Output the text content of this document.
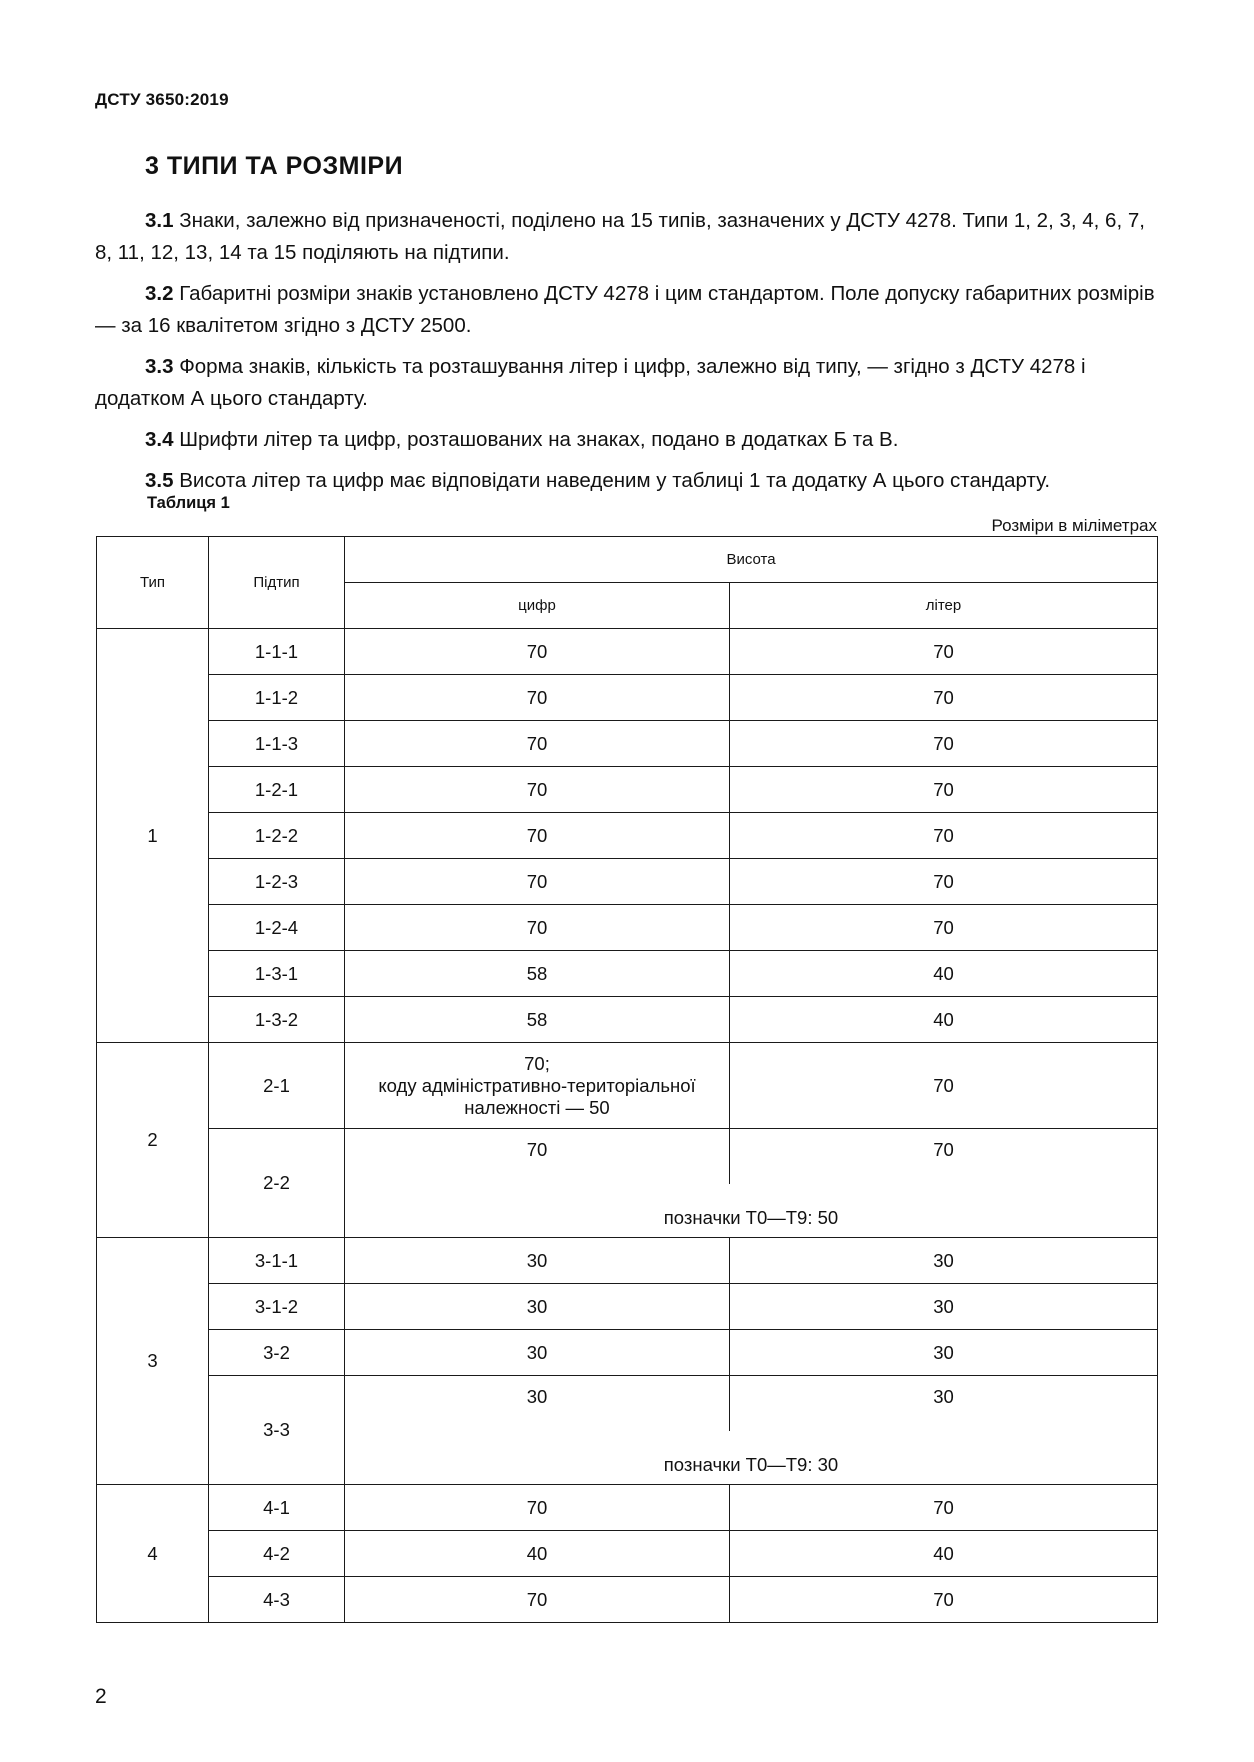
ДСТУ 3650:2019
3 ТИПИ ТА РОЗМІРИ

3.1 Знаки, залежно від призначеності, поділено на 15 типів, зазначених у ДСТУ 4278. Типи 1, 2, 3, 4, 6, 7, 8, 11, 12, 13, 14 та 15 поділяють на підтипи.

3.2 Габаритні розміри знаків установлено ДСТУ 4278 і цим стандартом. Поле допуску габаритних розмірів — за 16 квалітетом згідно з ДСТУ 2500.

3.3 Форма знаків, кількість та розташування літер і цифр, залежно від типу, — згідно з ДСТУ 4278 і додатком А цього стандарту.

3.4 Шрифти літер та цифр, розташованих на знаках, подано в додатках Б та В.

3.5 Висота літер та цифр має відповідати наведеним у таблиці 1 та додатку А цього стандарту.

Таблиця 1
Розміри в міліметрах
Тип	Підтип	Висота	
		цифр	літер
1	1-1-1	70	70
	1-1-2	70	70
	1-1-3	70	70
	1-2-1	70	70
	1-2-2	70	70
	1-2-3	70	70
	1-2-4	70	70
	1-3-1	58	40
	1-3-2	58	40
2	2-1	70;
коду адміністративно-територіальної
належності — 50	70
	2-2	70	70
		позначки Т0—Т9: 50	
3	3-1-1	30	30
	3-1-2	30	30
	3-2	30	30
	3-3	30	30
		позначки Т0—Т9: 30	
4	4-1	70	70
	4-2	40	40
	4-3	70	70
2
